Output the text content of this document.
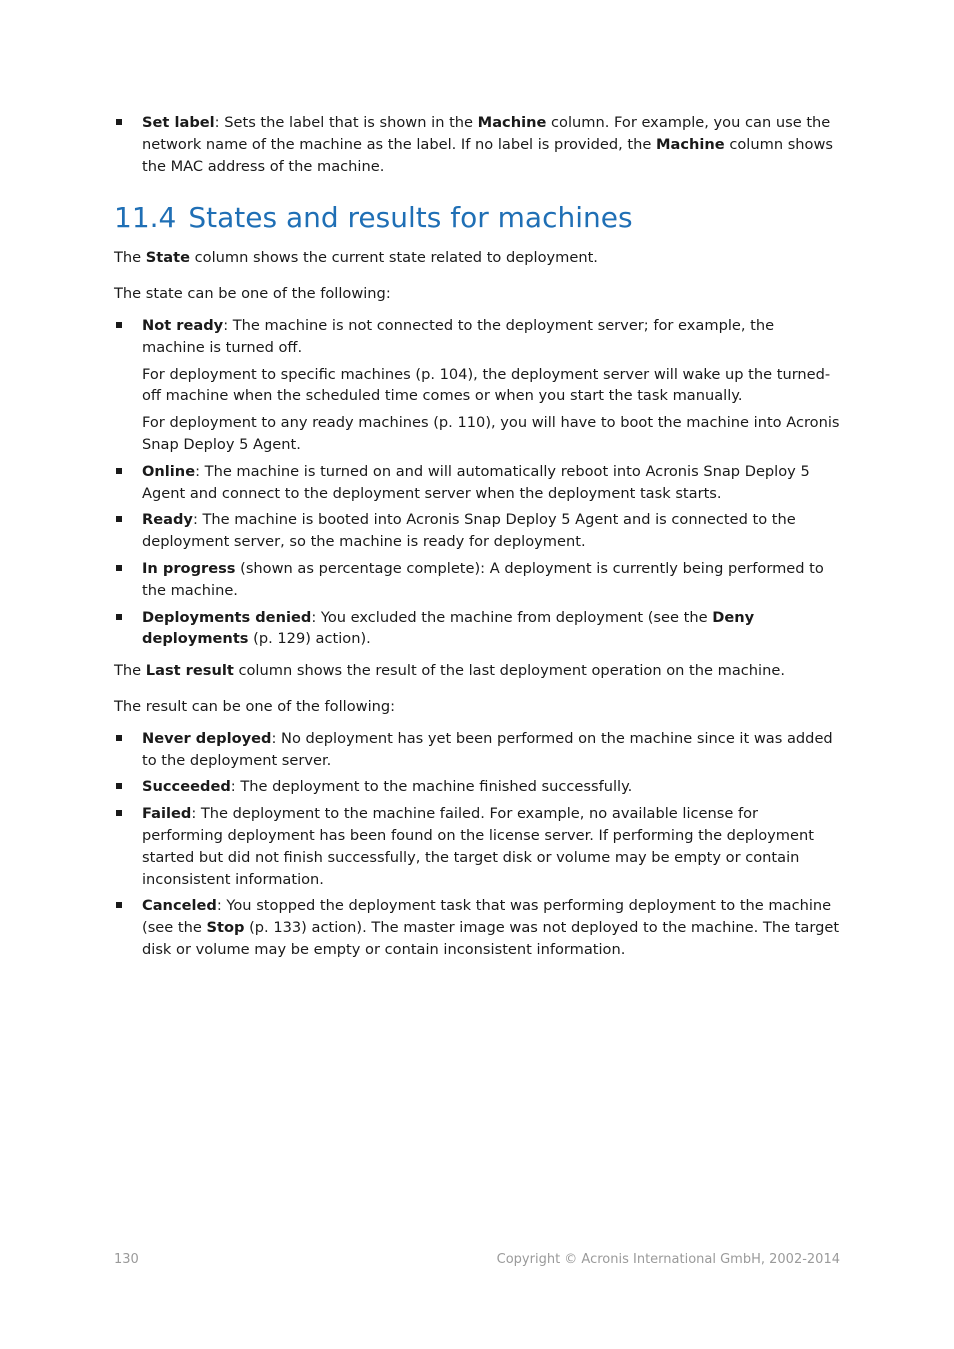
Set label: Sets the label that is shown in the Machine column. For example, you can use the network name of the machine as the label. If no label is provided, the Machine column shows the MAC address of the machine.
11.4 States and results for machines

The State column shows the current state related to deployment.

The state can be one of the following:

Not ready: The machine is not connected to the deployment server; for example, the machine is turned off.
For deployment to specific machines (p. 104), the deployment server will wake up the turned-off machine when the scheduled time comes or when you start the task manually.
For deployment to any ready machines (p. 110), you will have to boot the machine into Acronis Snap Deploy 5 Agent.
Online: The machine is turned on and will automatically reboot into Acronis Snap Deploy 5 Agent and connect to the deployment server when the deployment task starts.
Ready: The machine is booted into Acronis Snap Deploy 5 Agent and is connected to the deployment server, so the machine is ready for deployment.
In progress (shown as percentage complete): A deployment is currently being performed to the machine.
Deployments denied: You excluded the machine from deployment (see the Deny deployments (p. 129) action).

The Last result column shows the result of the last deployment operation on the machine.

The result can be one of the following:

Never deployed: No deployment has yet been performed on the machine since it was added to the deployment server.
Succeeded: The deployment to the machine finished successfully.
Failed: The deployment to the machine failed. For example, no available license for performing deployment has been found on the license server. If performing the deployment started but did not finish successfully, the target disk or volume may be empty or contain inconsistent information.
Canceled: You stopped the deployment task that was performing deployment to the machine (see the Stop (p. 133) action). The master image was not deployed to the machine. The target disk or volume may be empty or contain inconsistent information.
130	Copyright © Acronis International GmbH, 2002-2014
